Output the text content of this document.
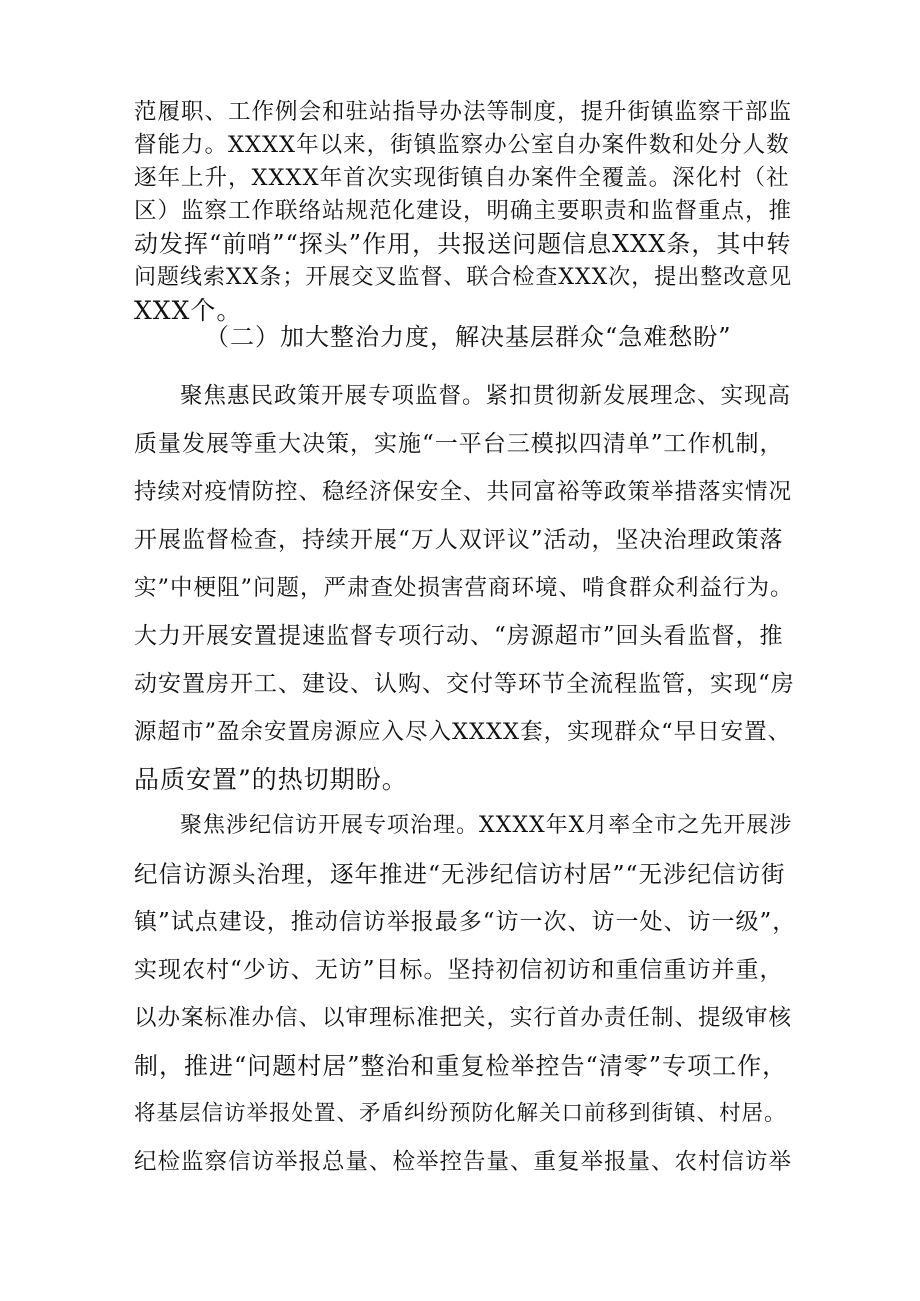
范履职、工作例会和驻站指导办法等制度，提升街镇监察干部监
督能力。XXXX年以来，街镇监察办公室自办案件数和处分人数
逐年上升，XXXX年首次实现街镇自办案件全覆盖。深化村（社
区）监察工作联络站规范化建设，明确主要职责和监督重点，推
动发挥“前哨”“探头”作用，共报送问题信息XXX条，其中转
问题线索XX条；开展交叉监督、联合检查XXX次，提出整改意见
XXX个。
（二）加大整治力度，解决基层群众“急难愁盼”
聚焦惠民政策开展专项监督。紧扣贯彻新发展理念、实现高
质量发展等重大决策，实施“一平台三模拟四清单”工作机制，
持续对疫情防控、稳经济保安全、共同富裕等政策举措落实情况
开展监督检查，持续开展“万人双评议”活动，坚决治理政策落
实”中梗阻”问题，严肃查处损害营商环境、啃食群众利益行为。
大力开展安置提速监督专项行动、“房源超市”回头看监督，推
动安置房开工、建设、认购、交付等环节全流程监管，实现“房
源超市”盈余安置房源应入尽入XXXX套，实现群众“早日安置、
品质安置”的热切期盼。
聚焦涉纪信访开展专项治理。XXXX年X月率全市之先开展涉
纪信访源头治理，逐年推进“无涉纪信访村居”“无涉纪信访街
镇”试点建设，推动信访举报最多“访一次、访一处、访一级”，
实现农村“少访、无访”目标。坚持初信初访和重信重访并重，
以办案标准办信、以审理标准把关，实行首办责任制、提级审核
制，推进“问题村居”整治和重复检举控告“清零”专项工作，
将基层信访举报处置、矛盾纠纷预防化解关口前移到街镇、村居。
纪检监察信访举报总量、检举控告量、重复举报量、农村信访举
